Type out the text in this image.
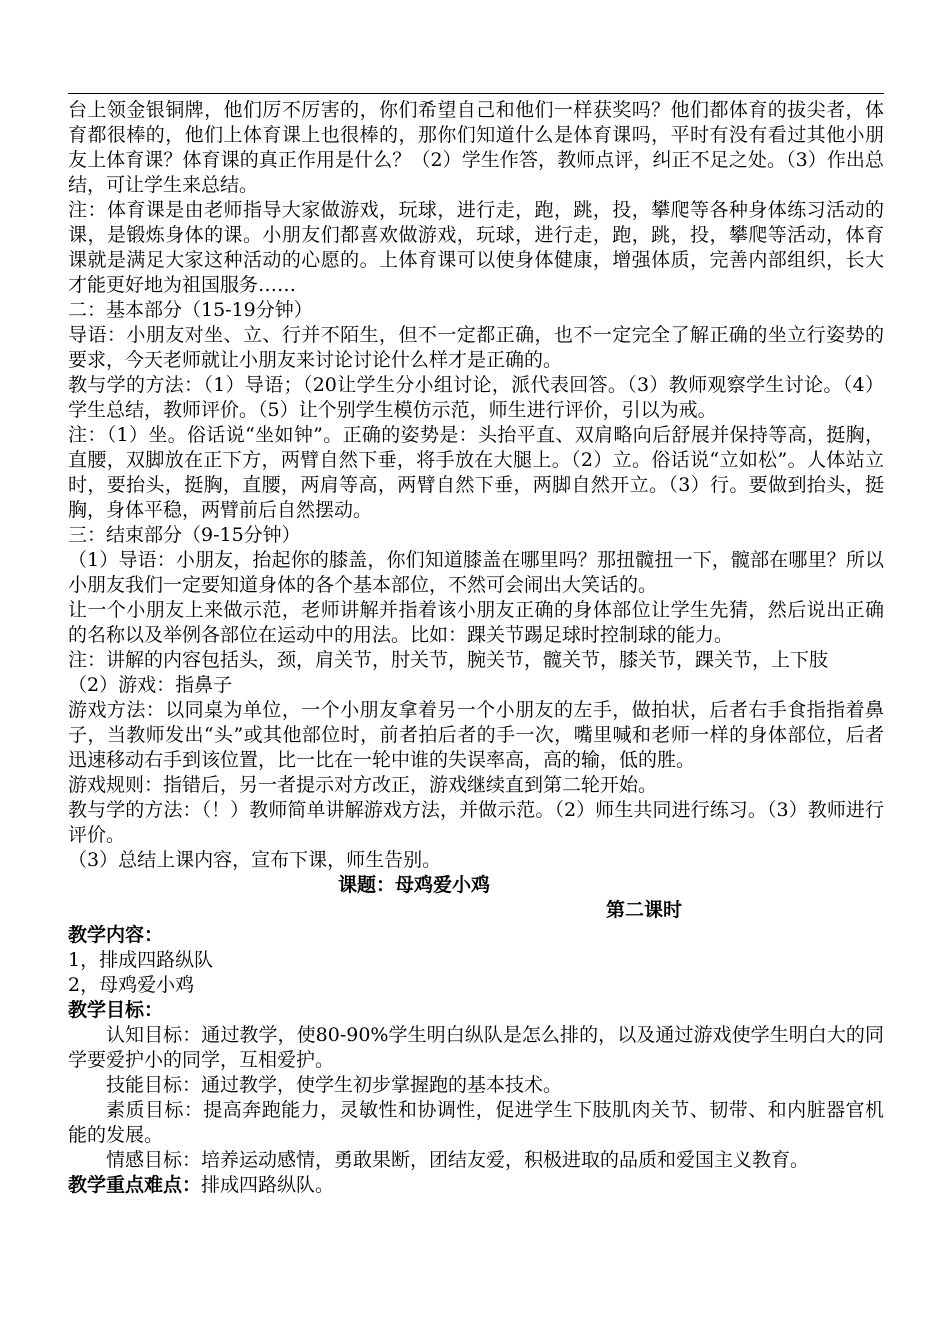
台上领金银铜牌，他们厉不厉害的，你们希望自己和他们一样获奖吗？他们都体育的拔尖者，体育都很棒的，他们上体育课上也很棒的，那你们知道什么是体育课吗，平时有没有看过其他小朋友上体育课？体育课的真正作用是什么？（2）学生作答，教师点评，纠正不足之处。（3）作出总结，可让学生来总结。

注：体育课是由老师指导大家做游戏，玩球，进行走，跑，跳，投，攀爬等各种身体练习活动的课，是锻炼身体的课。小朋友们都喜欢做游戏，玩球，进行走，跑，跳，投，攀爬等活动，体育课就是满足大家这种活动的心愿的。上体育课可以使身体健康，增强体质，完善内部组织，长大才能更好地为祖国服务……

二：基本部分（15-19分钟）

导语：小朋友对坐、立、行并不陌生，但不一定都正确，也不一定完全了解正确的坐立行姿势的要求，今天老师就让小朋友来讨论讨论什么样才是正确的。

教与学的方法：（1）导语；（20让学生分小组讨论，派代表回答。（3）教师观察学生讨论。（4）学生总结，教师评价。（5）让个别学生模仿示范，师生进行评价，引以为戒。

注：（1）坐。俗话说“坐如钟”。正确的姿势是：头抬平直、双肩略向后舒展并保持等高，挺胸，直腰，双脚放在正下方，两臂自然下垂，将手放在大腿上。（2）立。俗话说“立如松”。人体站立时，要抬头，挺胸，直腰，两肩等高，两臂自然下垂，两脚自然开立。（3）行。要做到抬头，挺胸，身体平稳，两臂前后自然摆动。

三：结束部分（9-15分钟）

（1）导语：小朋友，抬起你的膝盖，你们知道膝盖在哪里吗？那扭髋扭一下，髋部在哪里？所以小朋友我们一定要知道身体的各个基本部位，不然可会闹出大笑话的。

让一个小朋友上来做示范，老师讲解并指着该小朋友正确的身体部位让学生先猜，然后说出正确的名称以及举例各部位在运动中的用法。比如：踝关节踢足球时控制球的能力。

注：讲解的内容包括头，颈，肩关节，肘关节，腕关节，髋关节，膝关节，踝关节，上下肢

（2）游戏：指鼻子

游戏方法：以同桌为单位，一个小朋友拿着另一个小朋友的左手，做拍状，后者右手食指指着鼻子，当教师发出“头”或其他部位时，前者拍后者的手一次，嘴里喊和老师一样的身体部位，后者迅速移动右手到该位置，比一比在一轮中谁的失误率高，高的输，低的胜。

游戏规则：指错后，另一者提示对方改正，游戏继续直到第二轮开始。

教与学的方法：（！）教师简单讲解游戏方法，并做示范。（2）师生共同进行练习。（3）教师进行评价。

（3）总结上课内容，宣布下课，师生告别。

课题：母鸡爱小鸡

第二课时

教学内容：

1，排成四路纵队

2，母鸡爱小鸡

教学目标：

认知目标：通过教学，使80-90%学生明白纵队是怎么排的，以及通过游戏使学生明白大的同学要爱护小的同学，互相爱护。

技能目标：通过教学，使学生初步掌握跑的基本技术。

素质目标：提高奔跑能力，灵敏性和协调性，促进学生下肢肌肉关节、韧带、和内脏器官机能的发展。

情感目标：培养运动感情，勇敢果断，团结友爱，积极进取的品质和爱国主义教育。

教学重点难点：排成四路纵队。
